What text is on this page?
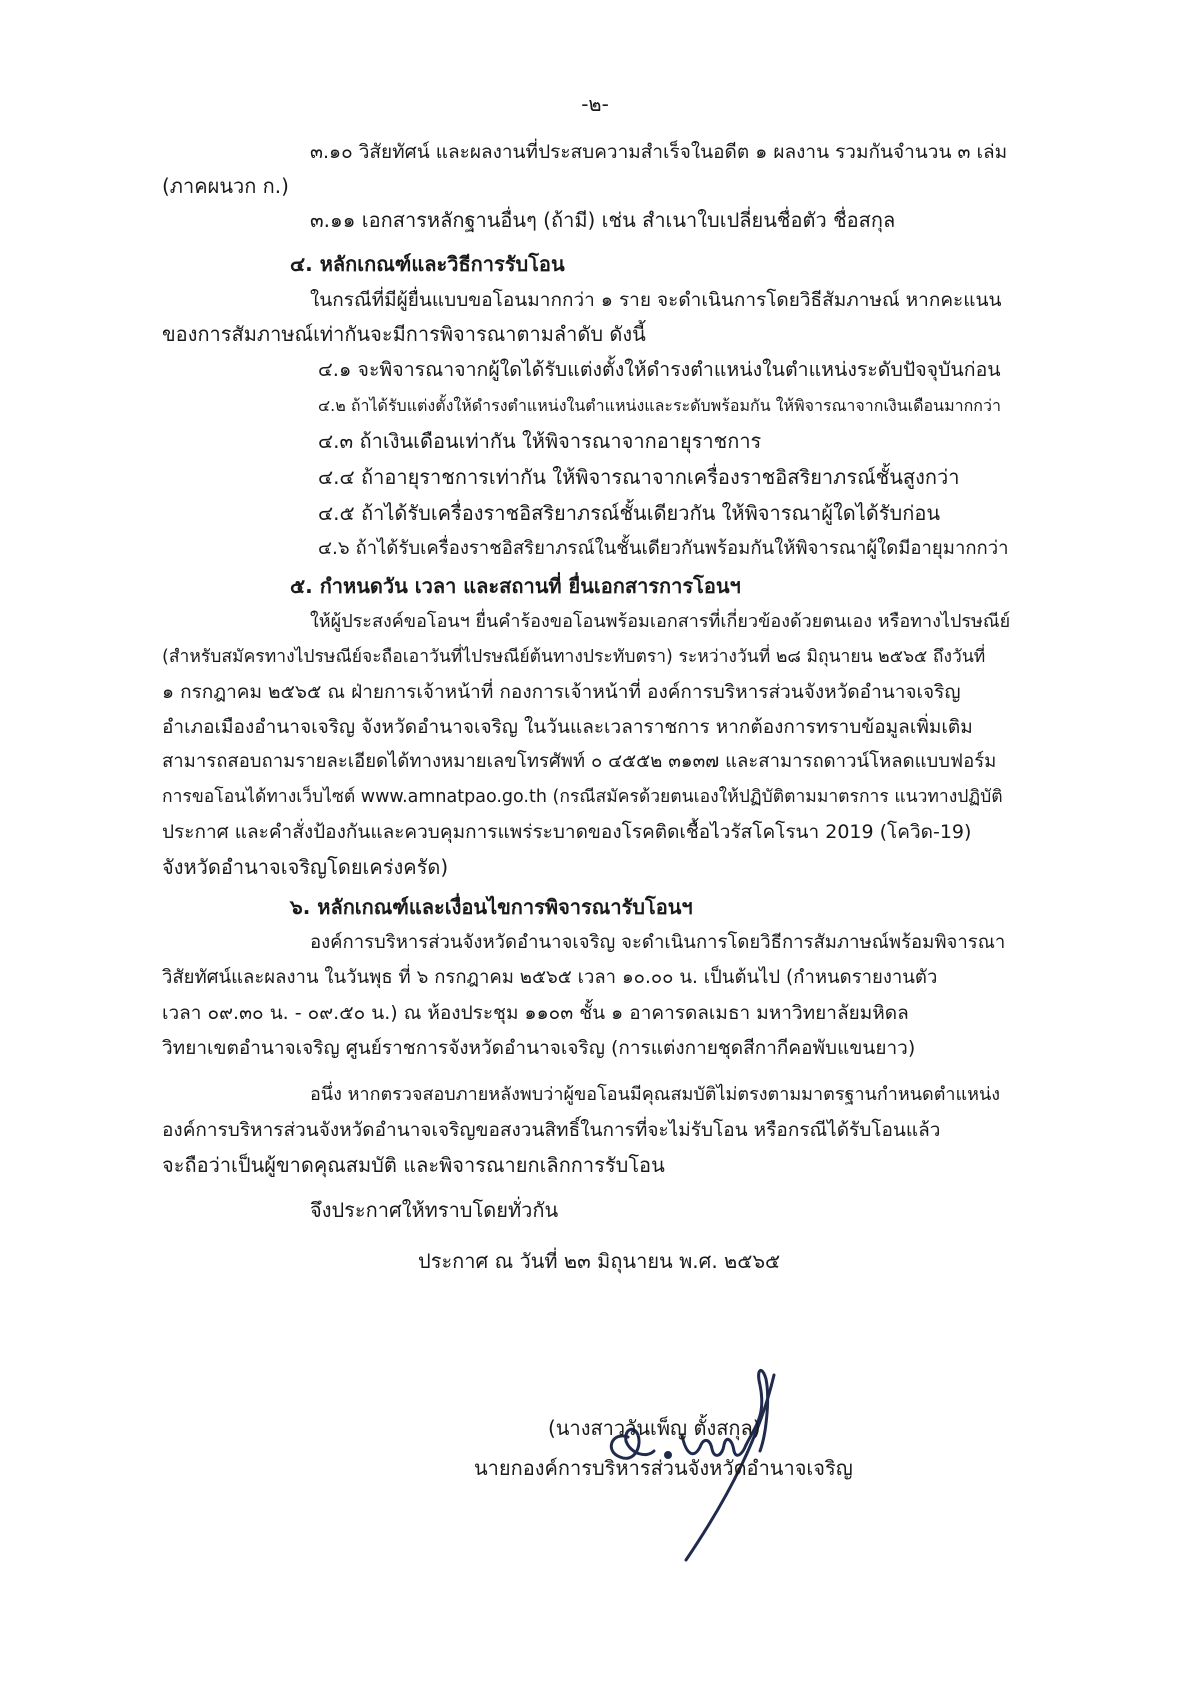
-๒-
๓.๑๐ วิสัยทัศน์ และผลงานที่ประสบความสำเร็จในอดีต ๑ ผลงาน รวมกันจำนวน ๓ เล่ม
(ภาคผนวก ก.)
๓.๑๑ เอกสารหลักฐานอื่นๆ (ถ้ามี) เช่น สำเนาใบเปลี่ยนชื่อตัว ชื่อสกุล
๔. หลักเกณฑ์และวิธีการรับโอน
ในกรณีที่มีผู้ยื่นแบบขอโอนมากกว่า ๑ ราย จะดำเนินการโดยวิธีสัมภาษณ์ หากคะแนน
ของการสัมภาษณ์เท่ากันจะมีการพิจารณาตามลำดับ ดังนี้
๔.๑ จะพิจารณาจากผู้ใดได้รับแต่งตั้งให้ดำรงตำแหน่งในตำแหน่งระดับปัจจุบันก่อน
๔.๒ ถ้าได้รับแต่งตั้งให้ดำรงตำแหน่งในตำแหน่งและระดับพร้อมกัน ให้พิจารณาจากเงินเดือนมากกว่า
๔.๓ ถ้าเงินเดือนเท่ากัน ให้พิจารณาจากอายุราชการ
๔.๔ ถ้าอายุราชการเท่ากัน ให้พิจารณาจากเครื่องราชอิสริยาภรณ์ชั้นสูงกว่า
๔.๕ ถ้าได้รับเครื่องราชอิสริยาภรณ์ชั้นเดียวกัน ให้พิจารณาผู้ใดได้รับก่อน
๔.๖ ถ้าได้รับเครื่องราชอิสริยาภรณ์ในชั้นเดียวกันพร้อมกันให้พิจารณาผู้ใดมีอายุมากกว่า
๕. กำหนดวัน เวลา และสถานที่ ยื่นเอกสารการโอนฯ
ให้ผู้ประสงค์ขอโอนฯ ยื่นคำร้องขอโอนพร้อมเอกสารที่เกี่ยวข้องด้วยตนเอง หรือทางไปรษณีย์
(สำหรับสมัครทางไปรษณีย์จะถือเอาวันที่ไปรษณีย์ต้นทางประทับตรา) ระหว่างวันที่ ๒๘ มิถุนายน ๒๕๖๕ ถึงวันที่
๑ กรกฎาคม ๒๕๖๕ ณ ฝ่ายการเจ้าหน้าที่ กองการเจ้าหน้าที่ องค์การบริหารส่วนจังหวัดอำนาจเจริญ
อำเภอเมืองอำนาจเจริญ จังหวัดอำนาจเจริญ ในวันและเวลาราชการ หากต้องการทราบข้อมูลเพิ่มเติม
สามารถสอบถามรายละเอียดได้ทางหมายเลขโทรศัพท์ ๐ ๔๕๕๒ ๓๑๓๗ และสามารถดาวน์โหลดแบบฟอร์ม
การขอโอนได้ทางเว็บไซต์ www.amnatpao.go.th (กรณีสมัครด้วยตนเองให้ปฏิบัติตามมาตรการ แนวทางปฏิบัติ
ประกาศ และคำสั่งป้องกันและควบคุมการแพร่ระบาดของโรคติดเชื้อไวรัสโคโรนา 2019 (โควิด-19)
จังหวัดอำนาจเจริญโดยเคร่งครัด)
๖. หลักเกณฑ์และเงื่อนไขการพิจารณารับโอนฯ
องค์การบริหารส่วนจังหวัดอำนาจเจริญ จะดำเนินการโดยวิธีการสัมภาษณ์พร้อมพิจารณา
วิสัยทัศน์และผลงาน ในวันพุธ ที่ ๖ กรกฎาคม ๒๕๖๕ เวลา ๑๐.๐๐ น. เป็นต้นไป (กำหนดรายงานตัว
เวลา ๐๙.๓๐ น. - ๐๙.๕๐ น.) ณ ห้องประชุม ๑๑๐๓ ชั้น ๑ อาคารดลเมธา มหาวิทยาลัยมหิดล
วิทยาเขตอำนาจเจริญ ศูนย์ราชการจังหวัดอำนาจเจริญ (การแต่งกายชุดสีกากีคอพับแขนยาว)
อนึ่ง หากตรวจสอบภายหลังพบว่าผู้ขอโอนมีคุณสมบัติไม่ตรงตามมาตรฐานกำหนดตำแหน่ง
องค์การบริหารส่วนจังหวัดอำนาจเจริญขอสงวนสิทธิ์ในการที่จะไม่รับโอน หรือกรณีได้รับโอนแล้ว
จะถือว่าเป็นผู้ขาดคุณสมบัติ และพิจารณายกเลิกการรับโอน
จึงประกาศให้ทราบโดยทั่วกัน
ประกาศ ณ วันที่ ๒๓ มิถุนายน พ.ศ. ๒๕๖๕
(นางสาววันเพ็ญ ตั้งสกุล)
นายกองค์การบริหารส่วนจังหวัดอำนาจเจริญ
